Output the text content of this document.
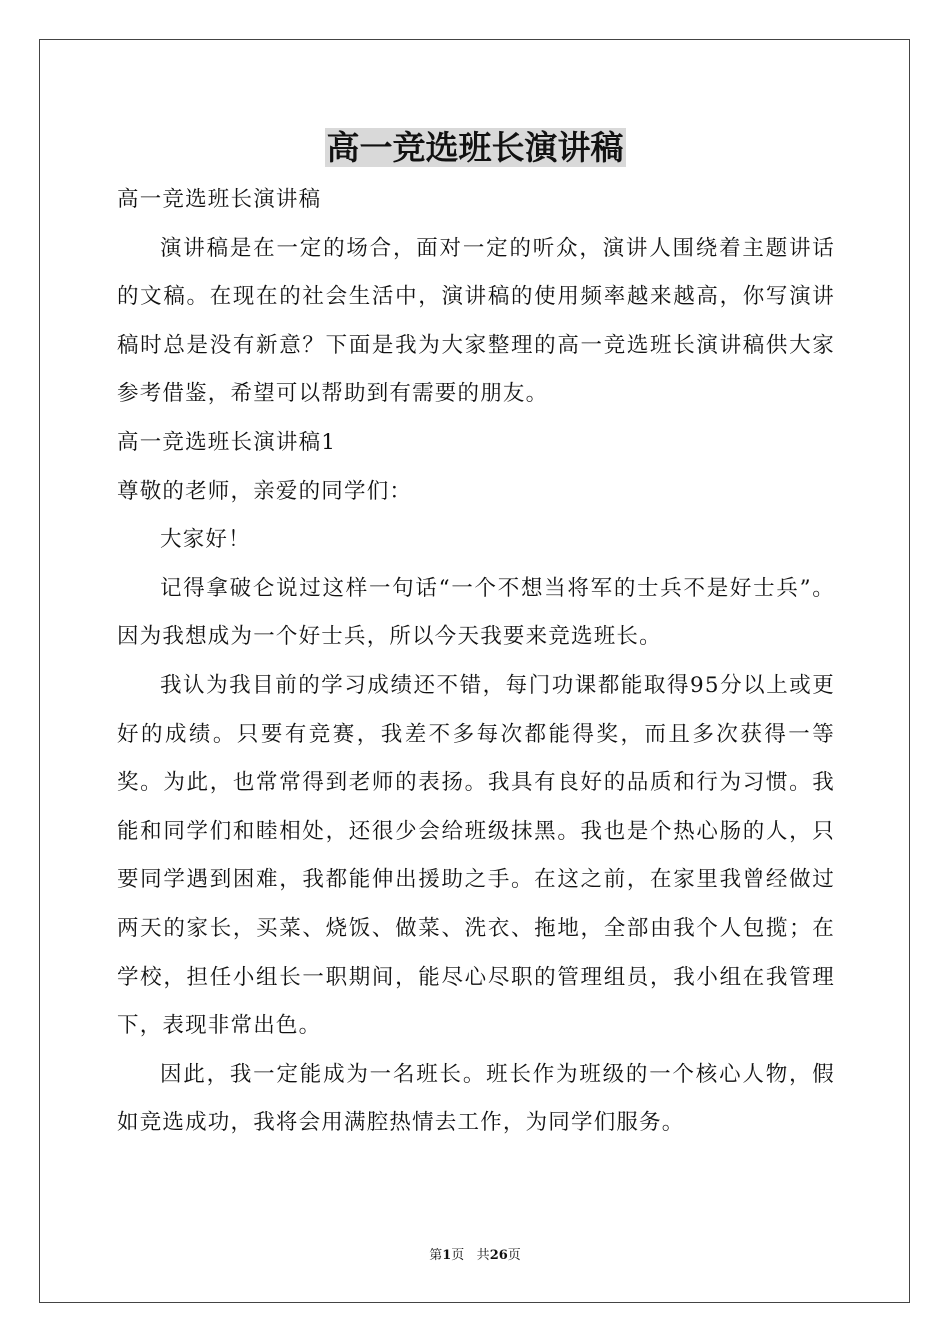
高一竞选班长演讲稿

高一竞选班长演讲稿

演讲稿是在一定的场合，面对一定的听众，演讲人围绕着主题讲话的文稿。在现在的社会生活中，演讲稿的使用频率越来越高，你写演讲稿时总是没有新意？下面是我为大家整理的高一竞选班长演讲稿供大家参考借鉴，希望可以帮助到有需要的朋友。

高一竞选班长演讲稿1

尊敬的老师，亲爱的同学们：

大家好！

记得拿破仑说过这样一句话“一个不想当将军的士兵不是好士兵”。因为我想成为一个好士兵，所以今天我要来竞选班长。

我认为我目前的学习成绩还不错，每门功课都能取得95分以上或更好的成绩。只要有竞赛，我差不多每次都能得奖，而且多次获得一等奖。为此，也常常得到老师的表扬。我具有良好的品质和行为习惯。我能和同学们和睦相处，还很少会给班级抹黑。我也是个热心肠的人，只要同学遇到困难，我都能伸出援助之手。在这之前，在家里我曾经做过两天的家长，买菜、烧饭、做菜、洗衣、拖地，全部由我个人包揽；在学校，担任小组长一职期间，能尽心尽职的管理组员，我小组在我管理下，表现非常出色。

因此，我一定能成为一名班长。班长作为班级的一个核心人物，假如竞选成功，我将会用满腔热情去工作，为同学们服务。

第1页 共26页
